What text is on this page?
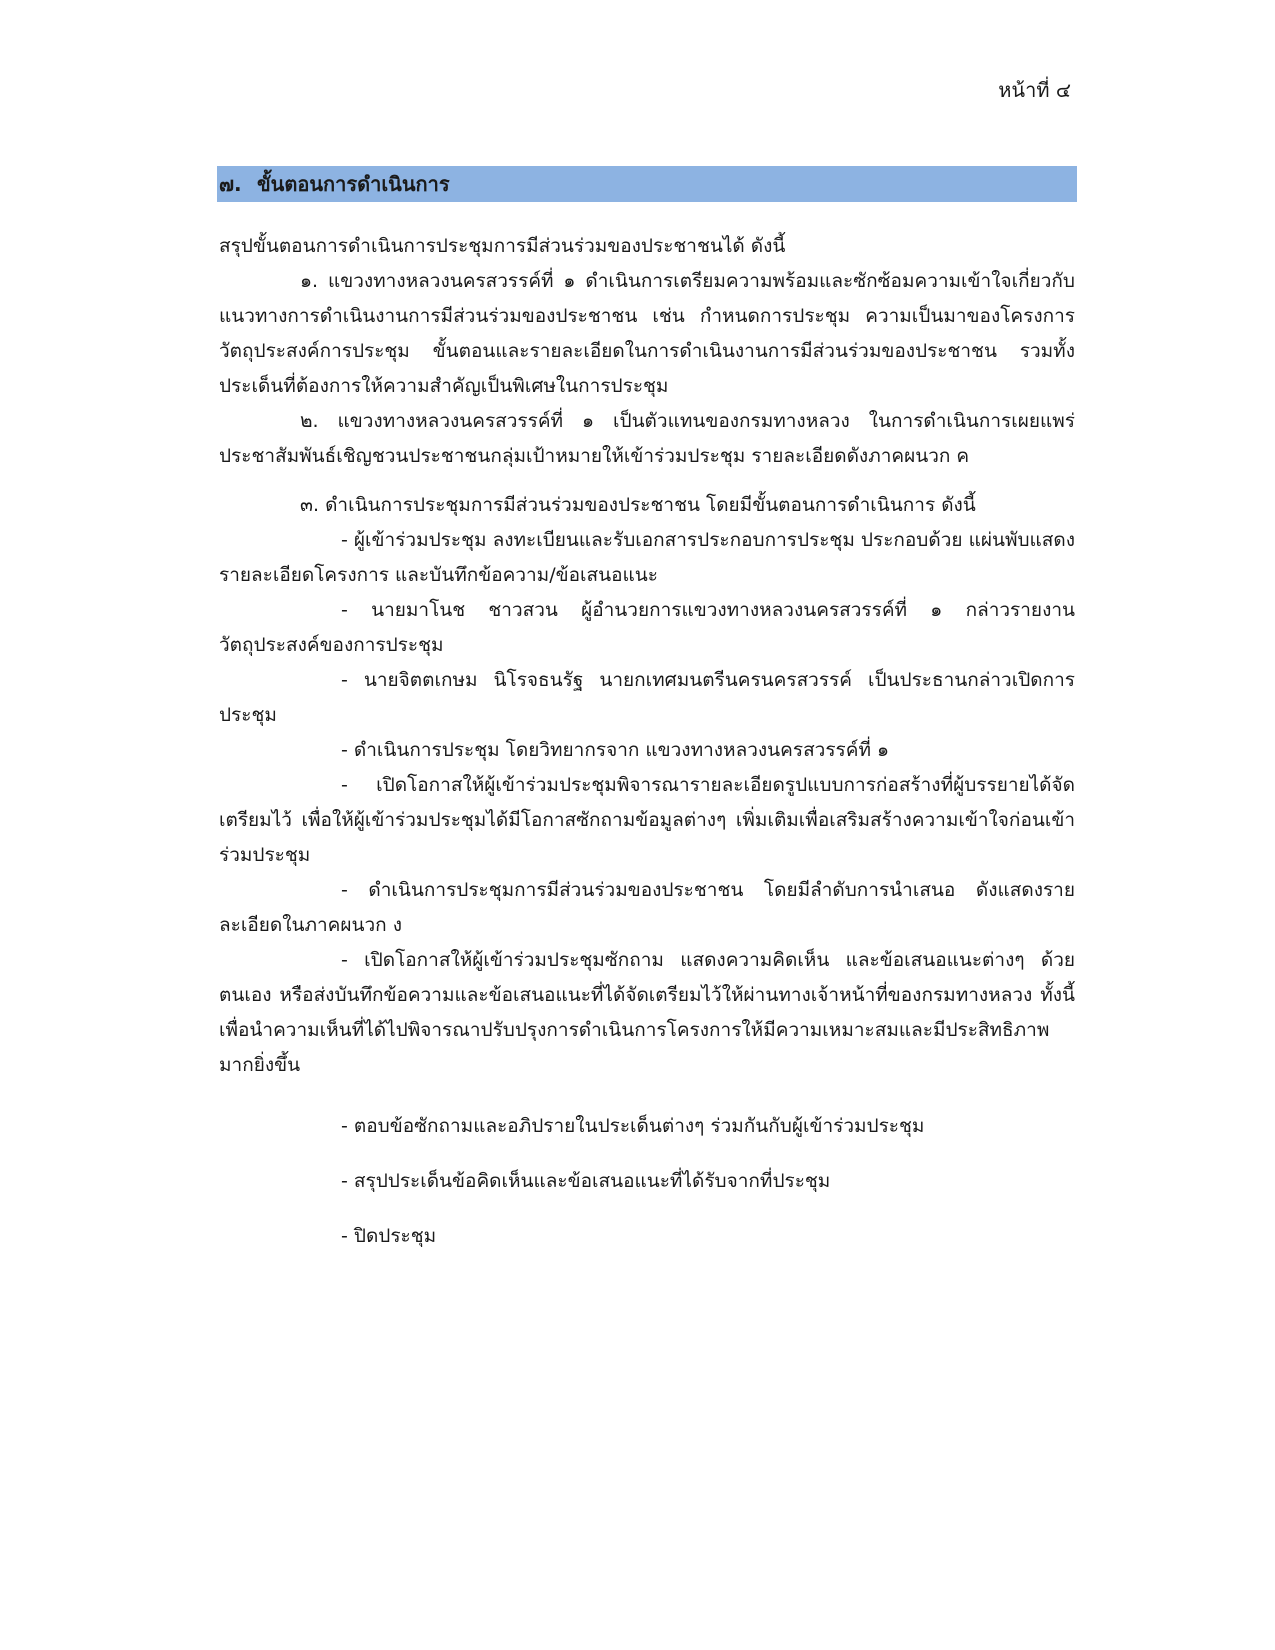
หน้าที่ ๔
๗. ขั้นตอนการดำเนินการ

สรุปขั้นตอนการดำเนินการประชุมการมีส่วนร่วมของประชาชนได้ ดังนี้

๑. แขวงทางหลวงนครสวรรค์ที่ ๑ ดำเนินการเตรียมความพร้อมและซักซ้อมความเข้าใจเกี่ยวกับแนวทางการดำเนินงานการมีส่วนร่วมของประชาชน เช่น กำหนดการประชุม ความเป็นมาของโครงการ วัตถุประสงค์การประชุม ขั้นตอนและรายละเอียดในการดำเนินงานการมีส่วนร่วมของประชาชน รวมทั้งประเด็นที่ต้องการให้ความสำคัญเป็นพิเศษในการประชุม

๒. แขวงทางหลวงนครสวรรค์ที่ ๑ เป็นตัวแทนของกรมทางหลวง ในการดำเนินการเผยแพร่ประชาสัมพันธ์เชิญชวนประชาชนกลุ่มเป้าหมายให้เข้าร่วมประชุม รายละเอียดดังภาคผนวก ค

๓. ดำเนินการประชุมการมีส่วนร่วมของประชาชน โดยมีขั้นตอนการดำเนินการ ดังนี้

- ผู้เข้าร่วมประชุม ลงทะเบียนและรับเอกสารประกอบการประชุม ประกอบด้วย แผ่นพับแสดงรายละเอียดโครงการ และบันทึกข้อความ/ข้อเสนอแนะ

- นายมาโนช ชาวสวน ผู้อำนวยการแขวงทางหลวงนครสวรรค์ที่ ๑ กล่าวรายงานวัตถุประสงค์ของการประชุม

- นายจิตตเกษม นิโรจธนรัฐ นายกเทศมนตรีนครนครสวรรค์ เป็นประธานกล่าวเปิดการประชุม

- ดำเนินการประชุม โดยวิทยากรจาก แขวงทางหลวงนครสวรรค์ที่ ๑

- เปิดโอกาสให้ผู้เข้าร่วมประชุมพิจารณารายละเอียดรูปแบบการก่อสร้างที่ผู้บรรยายได้จัดเตรียมไว้ เพื่อให้ผู้เข้าร่วมประชุมได้มีโอกาสซักถามข้อมูลต่างๆ เพิ่มเติมเพื่อเสริมสร้างความเข้าใจก่อนเข้าร่วมประชุม

- ดำเนินการประชุมการมีส่วนร่วมของประชาชน โดยมีลำดับการนำเสนอ ดังแสดงรายละเอียดในภาคผนวก ง

- เปิดโอกาสให้ผู้เข้าร่วมประชุมซักถาม แสดงความคิดเห็น และข้อเสนอแนะต่างๆ ด้วยตนเอง หรือส่งบันทึกข้อความและข้อเสนอแนะที่ได้จัดเตรียมไว้ให้ผ่านทางเจ้าหน้าที่ของกรมทางหลวง ทั้งนี้ เพื่อนำความเห็นที่ได้ไปพิจารณาปรับปรุงการดำเนินการโครงการให้มีความเหมาะสมและมีประสิทธิภาพมากยิ่งขึ้น

- ตอบข้อซักถามและอภิปรายในประเด็นต่างๆ ร่วมกันกับผู้เข้าร่วมประชุม

- สรุปประเด็นข้อคิดเห็นและข้อเสนอแนะที่ได้รับจากที่ประชุม

- ปิดประชุม
